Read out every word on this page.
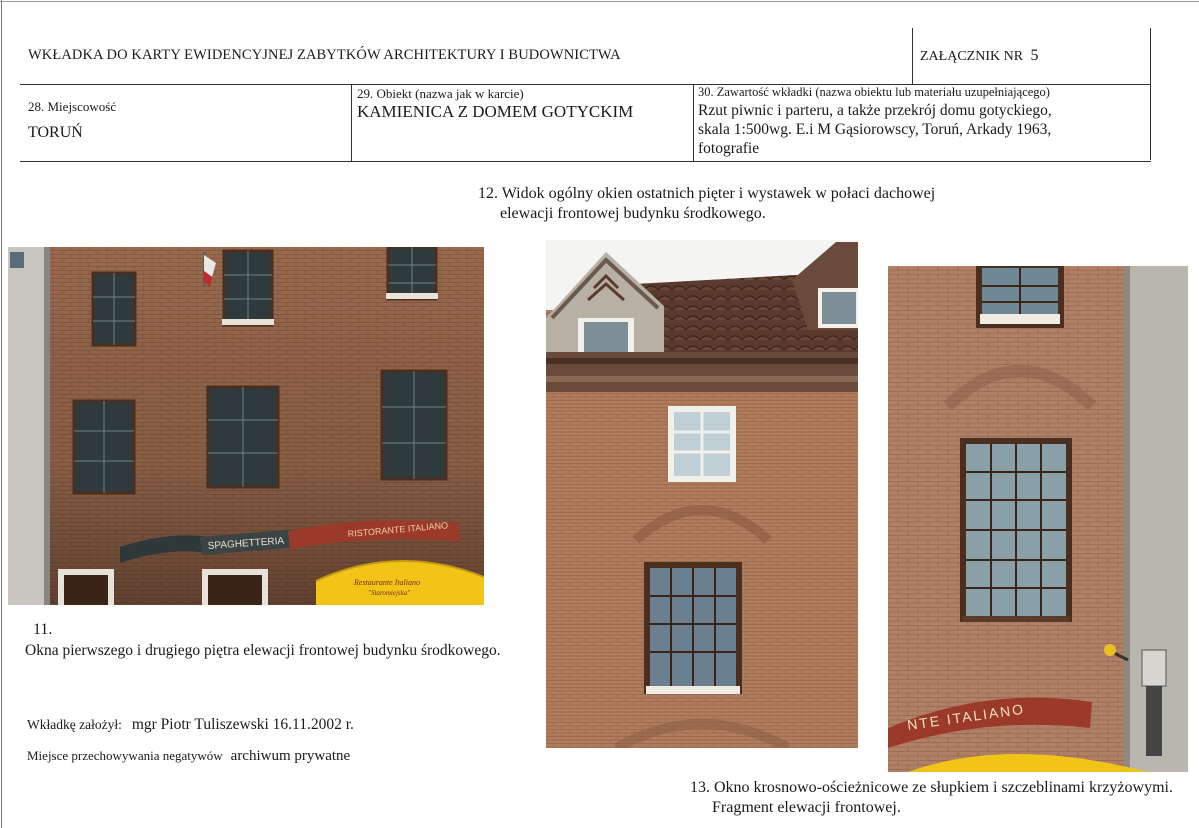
WKŁADKA DO KARTY EWIDENCYJNEJ ZABYTKÓW ARCHITEKTURY I BUDOWNICTWA	ZAŁĄCZNIK NR 5
28. Miejscowość
TORUŃ
29. Obiekt (nazwa jak w karcie)
KAMIENICA Z DOMEM GOTYCKIM
30. Zawartość wkładki (nazwa obiektu lub materiału uzupełniającego)
Rzut piwnic i parteru, a także przekrój domu gotyckiego,
skala 1:500wg. E.i M Gąsiorowscy, Toruń, Arkady 1963,
fotografie
12. Widok ogólny okien ostatnich pięter i wystawek w połaci dachowej
elewacji frontowej budynku środkowego.
SPAGHETTERIA
RISTORANTE ITALIANO
Restaurante Italiano
"Staromiejska"
11.
Okna pierwszego i drugiego piętra elewacji frontowej budynku środkowego.
NTE ITALIANO
13. Okno krosnowo-ościeżnicowe ze słupkiem i szczeblinami krzyżowymi.
Fragment elewacji frontowej.
Wkładkę założył: mgr Piotr Tuliszewski 16.11.2002 r.
Miejsce przechowywania negatywów archiwum prywatne
